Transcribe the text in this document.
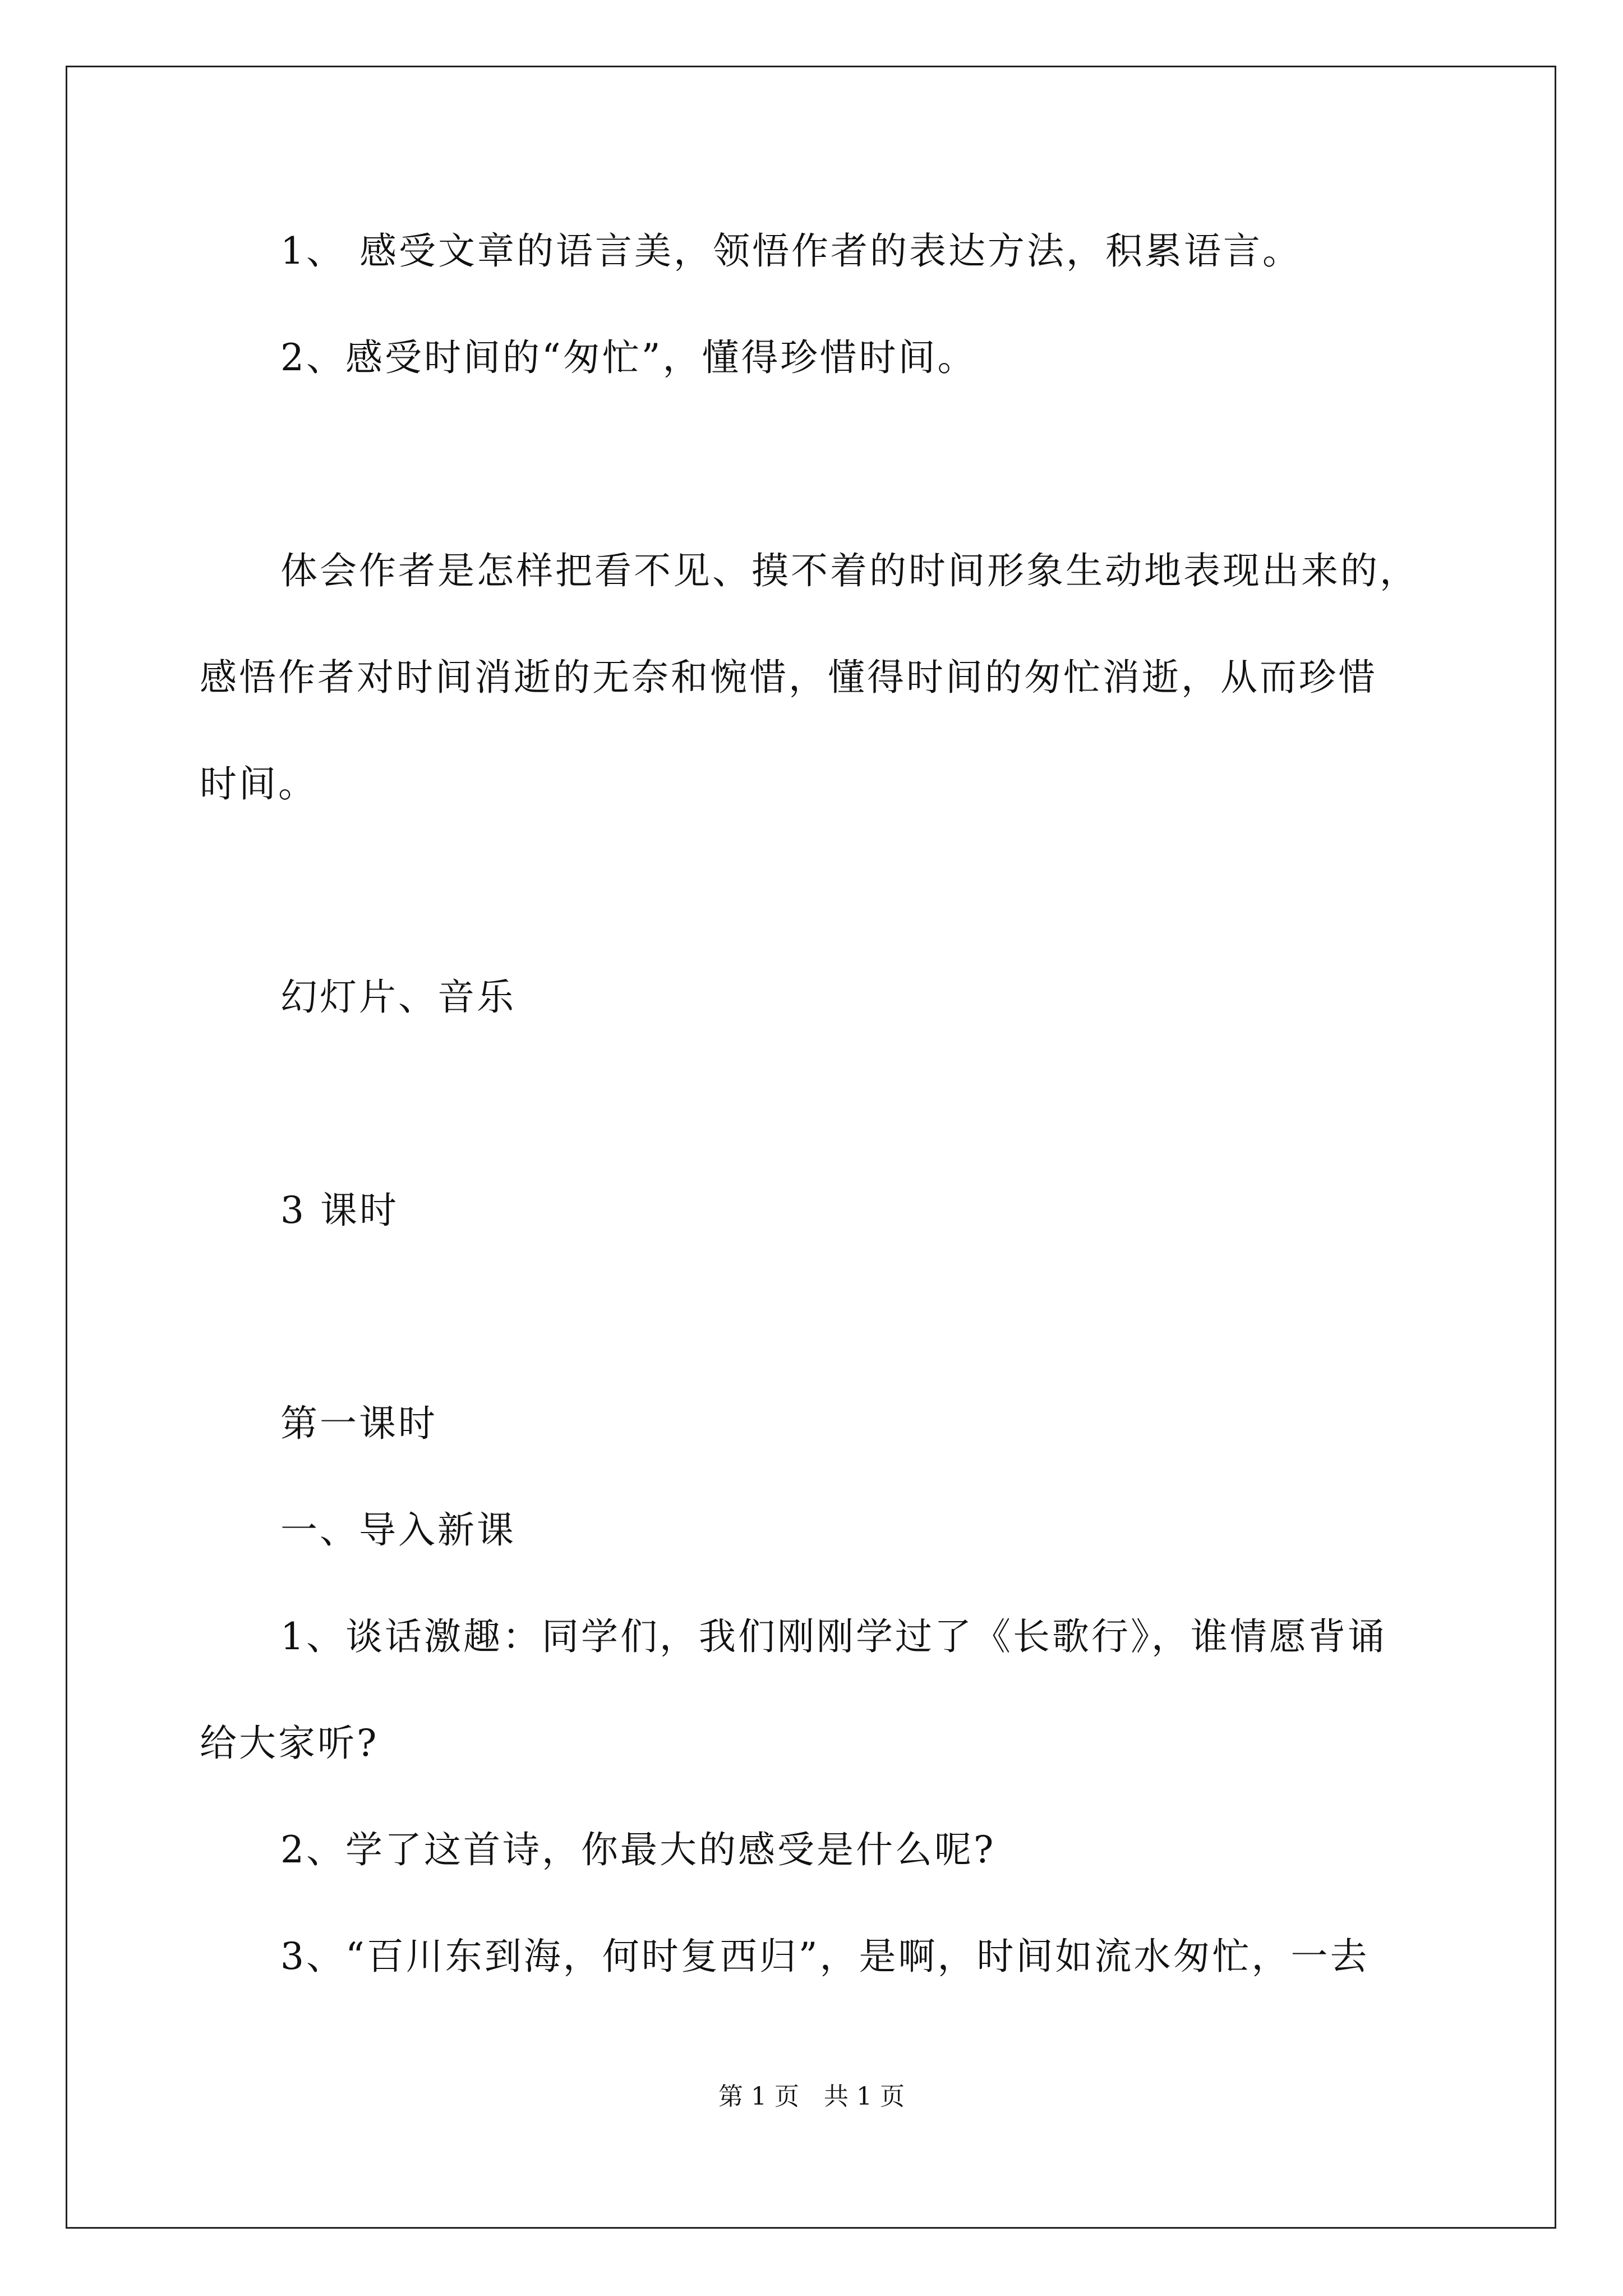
1、 感受文章的语言美，领悟作者的表达方法，积累语言。
2、感受时间的“匆忙”，懂得珍惜时间。
体会作者是怎样把看不见、摸不着的时间形象生动地表现出来的，
感悟作者对时间消逝的无奈和惋惜，懂得时间的匆忙消逝，从而珍惜
时间。
幻灯片、音乐
3 课时
第一课时
一、导入新课
1、谈话激趣：同学们，我们刚刚学过了《长歌行》，谁情愿背诵
给大家听?
2、学了这首诗，你最大的感受是什么呢?
3、“百川东到海，何时复西归”，是啊，时间如流水匆忙，一去
第 1 页　共 1 页
